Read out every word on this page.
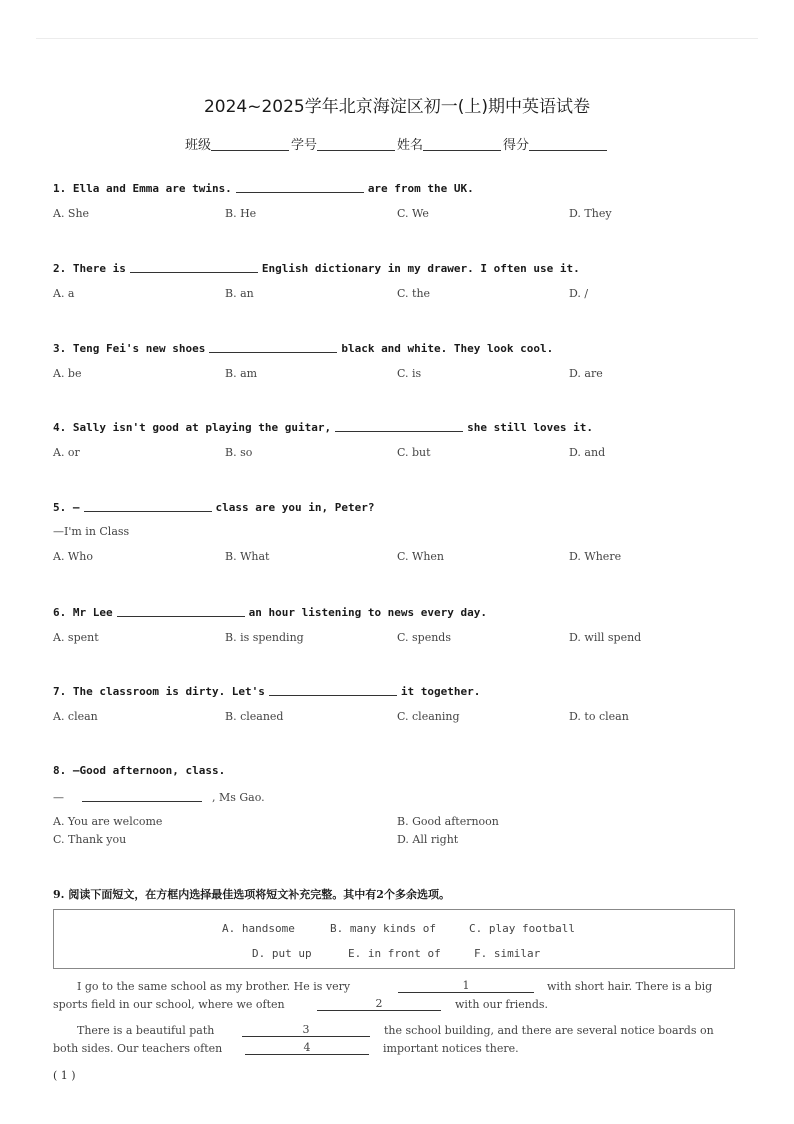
2024~2025学年北京海淀区初一(上)期中英语试卷
班级	学号	姓名	得分
1. Ella and Emma are twins.	are from the UK.
A. She	B. He	C. We	D. They
2. There is	English dictionary in my drawer. I often use it.
A. a	B. an	C. the	D. /
3. Teng Fei's new shoes	black and white. They look cool.
A. be	B. am	C. is	D. are
4. Sally isn't good at playing the guitar,	she still loves it.
A. or	B. so	C. but	D. and
5. —	class are you in, Peter?
—I'm in Class
A. Who	B. What	C. When	D. Where
6. Mr Lee	an hour listening to news every day.
A. spent	B. is spending	C. spends	D. will spend
7. The classroom is dirty. Let's	it together.
A. clean	B. cleaned	C. cleaning	D. to clean
8. —Good afternoon, class.
—	, Ms Gao.
A. You are welcome	B. Good afternoon
C. Thank you	D. All right
9. 阅读下面短文，在方框内选择最佳选项将短文补充完整。其中有2个多余选项。
A. handsome	B. many kinds of	C. play football
D. put up	E. in front of	F. similar
I go to the same school as my brother. He is very	1	with short hair. There is a big
sports field in our school, where we often	2	with our friends.
There is a beautiful path	3	the school building, and there are several notice boards on
both sides. Our teachers often	4	important notices there.
( 1 )
